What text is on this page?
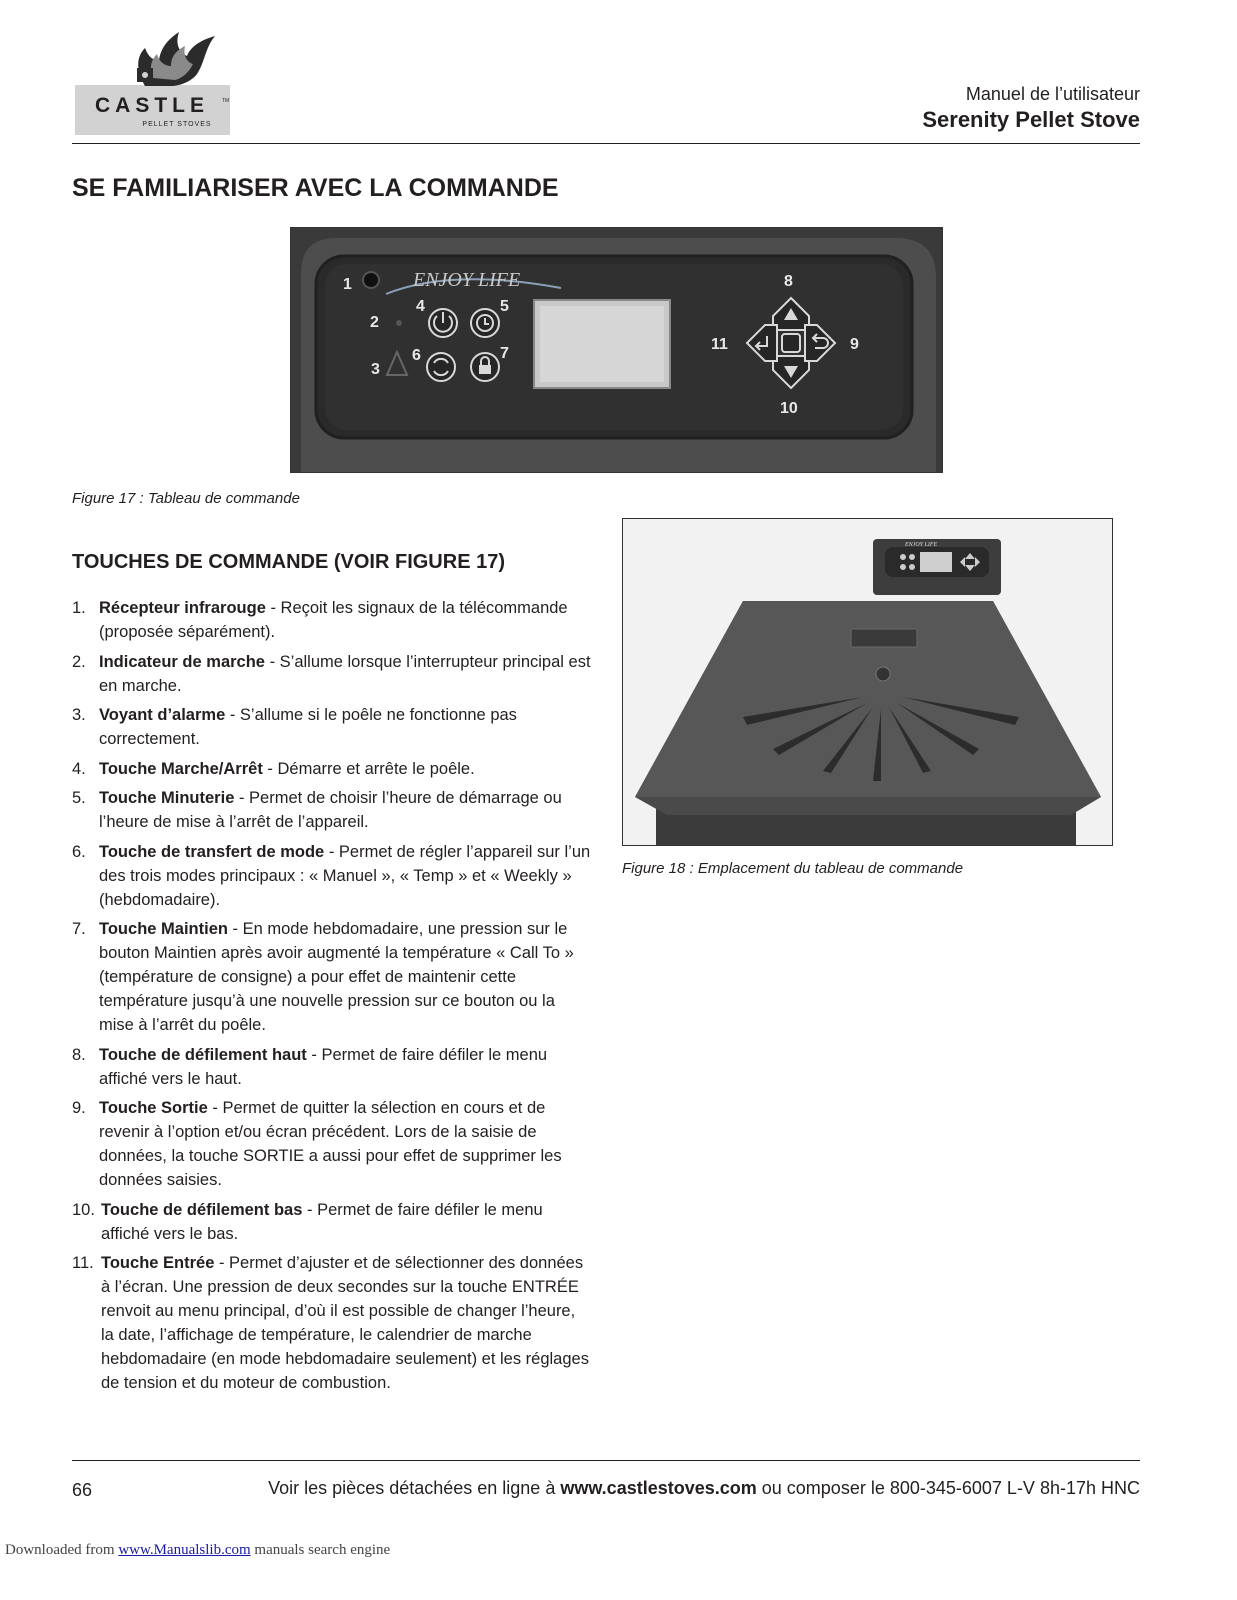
CASTLE	TM
PELLET STOVES
Manuel de l’utilisateur
Serenity Pellet Stove
SE FAMILIARISER AVEC LA COMMANDE
ENJOY LIFE
1
2
3
4	5
6	7
8
9
10
11
Figure 17 : Tableau de commande
TOUCHES DE COMMANDE (VOIR FIGURE 17)
1. Récepteur infrarouge - Reçoit les signaux de la télécommande (proposée séparément).
2. Indicateur de marche - S’allume lorsque l’interrupteur principal est en marche.
3. Voyant d’alarme - S’allume si le poêle ne fonctionne pas correctement.
4. Touche Marche/Arrêt - Démarre et arrête le poêle.
5. Touche Minuterie - Permet de choisir l’heure de démarrage ou l’heure de mise à l’arrêt de l’appareil.
6. Touche de transfert de mode - Permet de régler l’appareil sur l’un des trois modes principaux : « Manuel », « Temp » et « Weekly » (hebdomadaire).
7. Touche Maintien - En mode hebdomadaire, une pression sur le bouton Maintien après avoir augmenté la température « Call To » (température de consigne) a pour effet de maintenir cette température jusqu’à une nouvelle pression sur ce bouton ou la mise à l’arrêt du poêle.
8. Touche de défilement haut - Permet de faire défiler le menu affiché vers le haut.
9. Touche Sortie - Permet de quitter la sélection en cours et de revenir à l’option et/ou écran précédent. Lors de la saisie de données, la touche SORTIE a aussi pour effet de supprimer les données saisies.
10. Touche de défilement bas - Permet de faire défiler le menu affiché vers le bas.
11. Touche Entrée - Permet d’ajuster et de sélectionner des données à l’écran. Une pression de deux secondes sur la touche ENTRÉE renvoit au menu principal, d’où il est possible de changer l’heure, la date, l’affichage de température, le calendrier de marche hebdomadaire (en mode hebdomadaire seulement) et les réglages de tension et du moteur de combustion.
ENJOY LIFE
Figure 18 : Emplacement du tableau de commande
66	Voir les pièces détachées en ligne à www.castlestoves.com ou composer le 800-345-6007 L-V 8h-17h HNC
Downloaded from www.Manualslib.com manuals search engine
